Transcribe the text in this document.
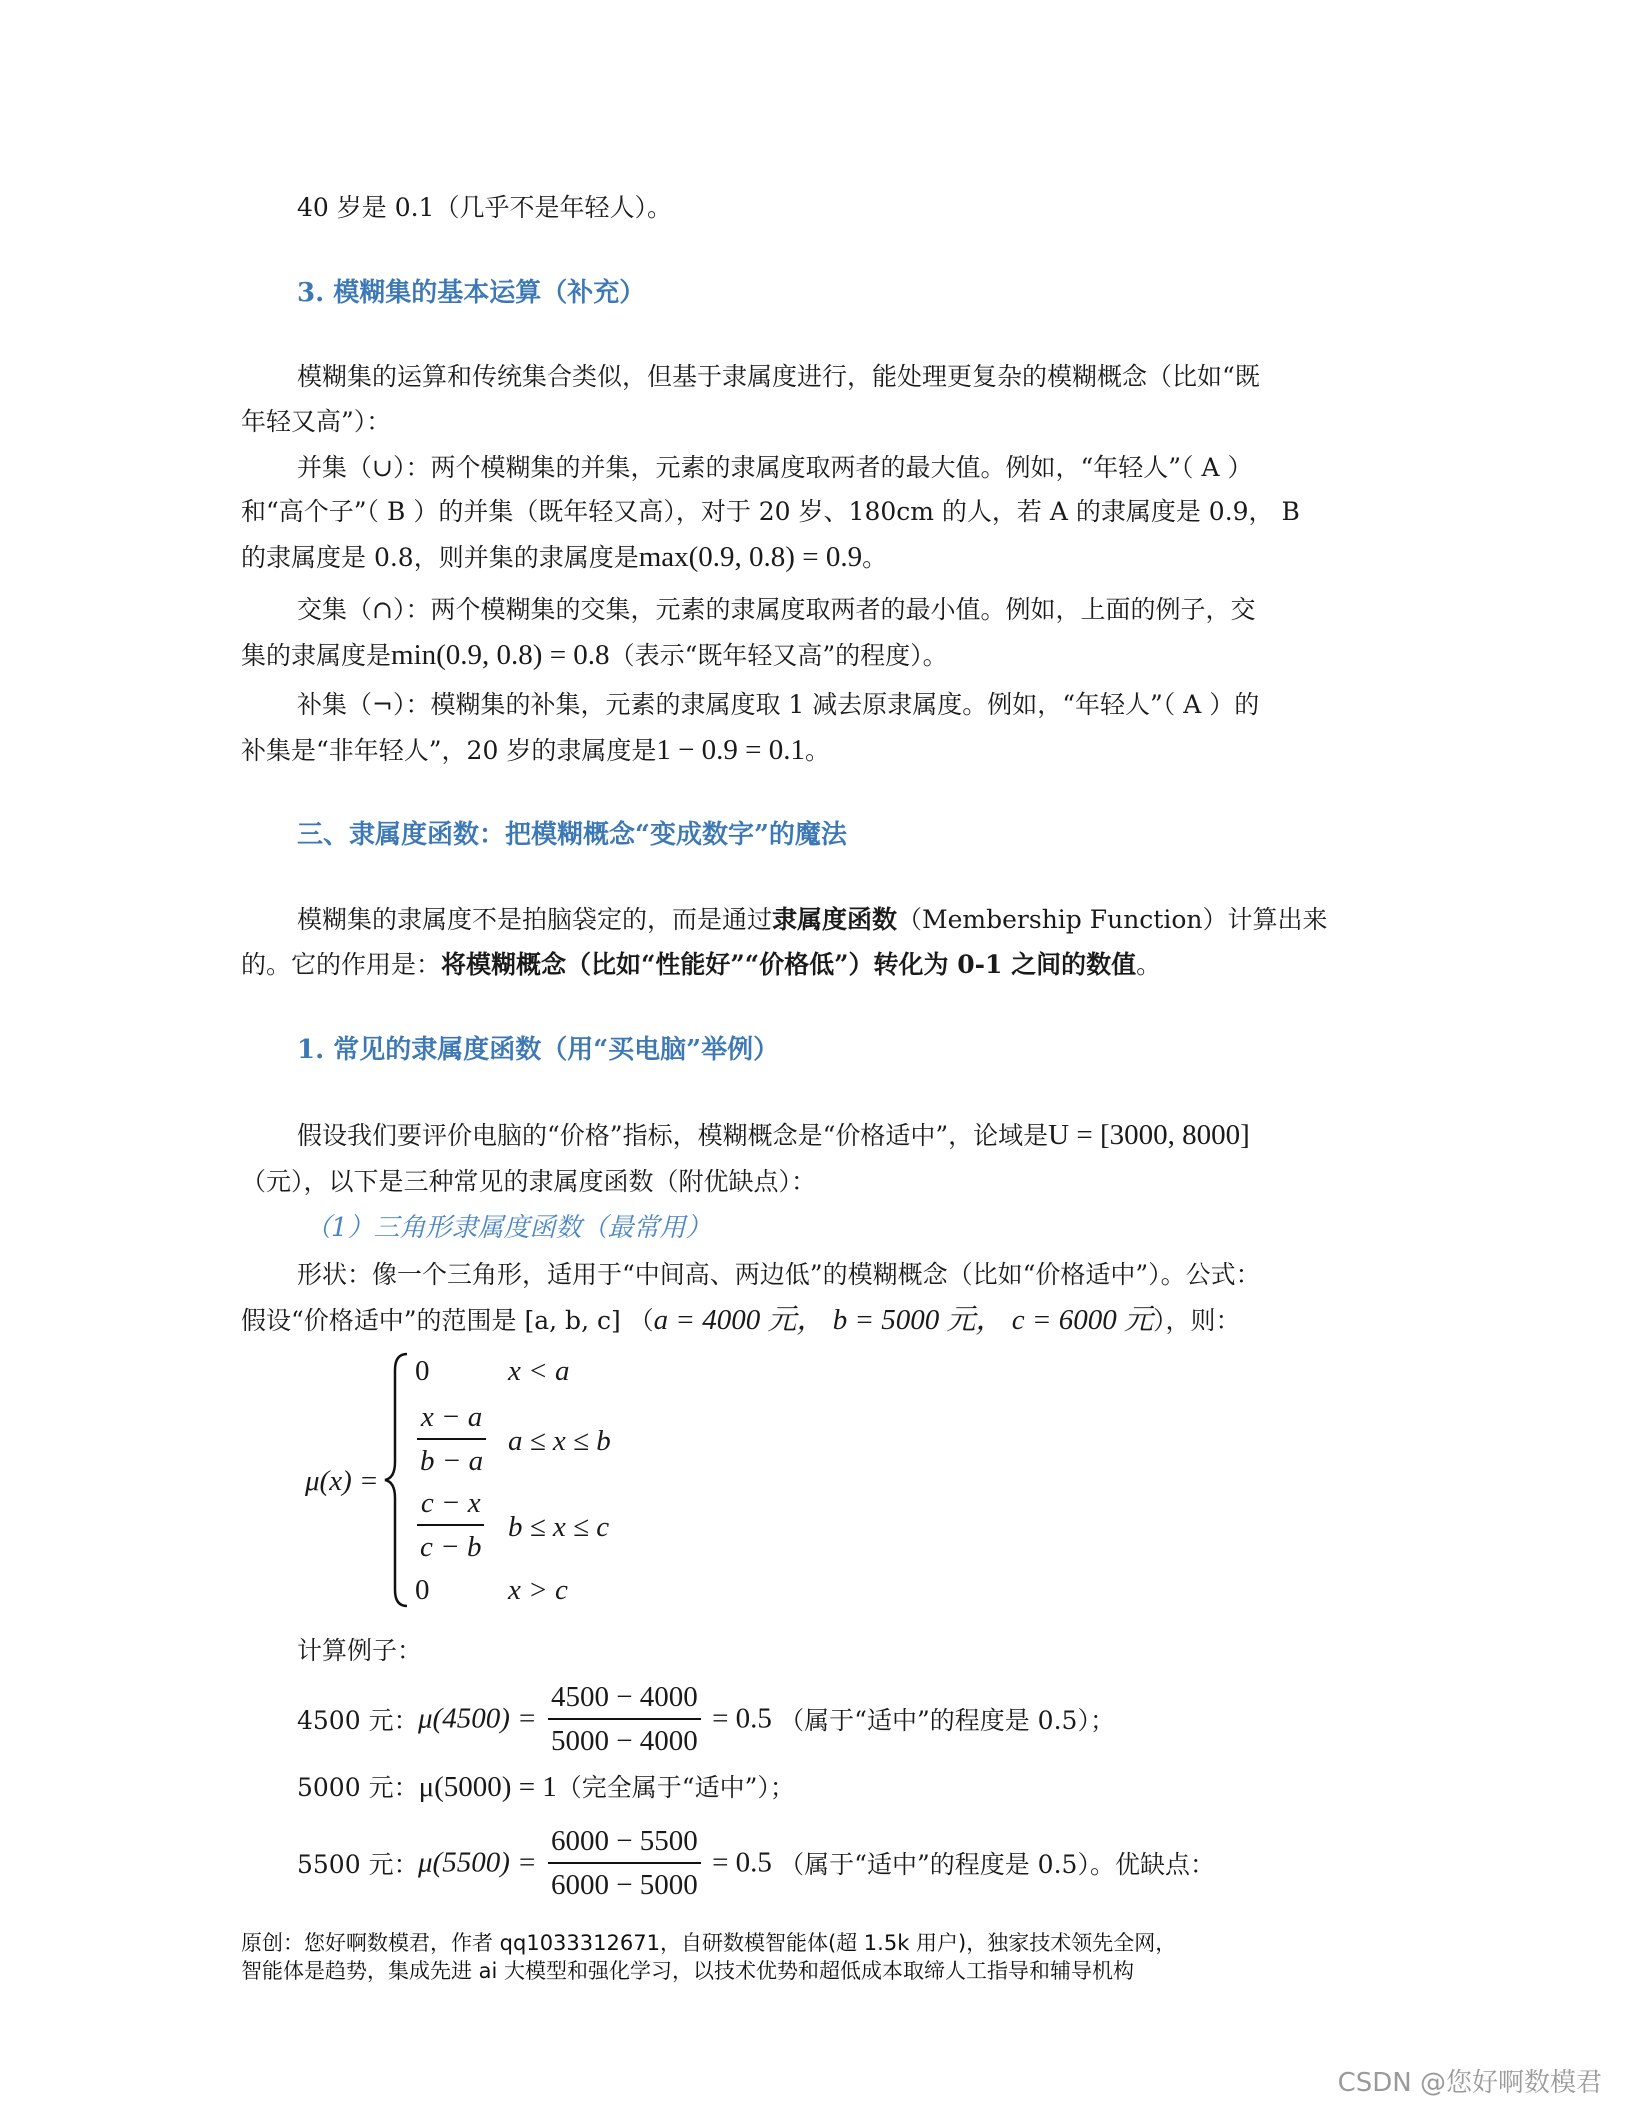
40 岁是 0.1（几乎不是年轻人）。
3. 模糊集的基本运算（补充）
模糊集的运算和传统集合类似，但基于隶属度进行，能处理更复杂的模糊概念（比如“既
年轻又高”）：
并集（∪）：两个模糊集的并集，元素的隶属度取两者的最大值。例如，“年轻人”（ A ）
和“高个子”（ B ）的并集（既年轻又高），对于 20 岁、180cm 的人，若 A 的隶属度是 0.9， B
的隶属度是 0.8，则并集的隶属度是max(0.9, 0.8) = 0.9。
交集（∩）：两个模糊集的交集，元素的隶属度取两者的最小值。例如，上面的例子，交
集的隶属度是min(0.9, 0.8) = 0.8（表示“既年轻又高”的程度）。
补集（¬）：模糊集的补集，元素的隶属度取 1 减去原隶属度。例如，“年轻人”（ A ）的
补集是“非年轻人”，20 岁的隶属度是1 − 0.9 = 0.1。
三、隶属度函数：把模糊概念“变成数字”的魔法
模糊集的隶属度不是拍脑袋定的，而是通过隶属度函数（Membership Function）计算出来
的。它的作用是：将模糊概念（比如“性能好”“价格低”）转化为 0-1 之间的数值。
1. 常见的隶属度函数（用“买电脑”举例）
假设我们要评价电脑的“价格”指标，模糊概念是“价格适中”，论域是U = [3000, 8000]
（元），以下是三种常见的隶属度函数（附优缺点）：
（1）三角形隶属度函数（最常用）
形状：像一个三角形，适用于“中间高、两边低”的模糊概念（比如“价格适中”）。公式：
假设“价格适中”的范围是 [a, b, c] （a = 4000 元， b = 5000 元， c = 6000 元），则：
μ(x) =
0	x < a
$\frac{x - a}{b - a}$ a ≤ x ≤ b
$\frac{c - x}{c - b}$ b ≤ x ≤ c
0	x > c
计算例子：
4500 元： $\mu(4500) = \frac{4500 - 4000}{5000 - 4000} = 0.5$ （属于“适中”的程度是 0.5）；
5000 元：μ(5000) = 1（完全属于“适中”）；
5500 元： $\mu(5500) = \frac{6000 - 5500}{6000 - 5000} = 0.5$ （属于“适中”的程度是 0.5）。优缺点：
原创：您好啊数模君，作者 qq1033312671，自研数模智能体(超 1.5k 用户)，独家技术领先全网，
智能体是趋势，集成先进 ai 大模型和强化学习，以技术优势和超低成本取缔人工指导和辅导机构
CSDN @您好啊数模君
